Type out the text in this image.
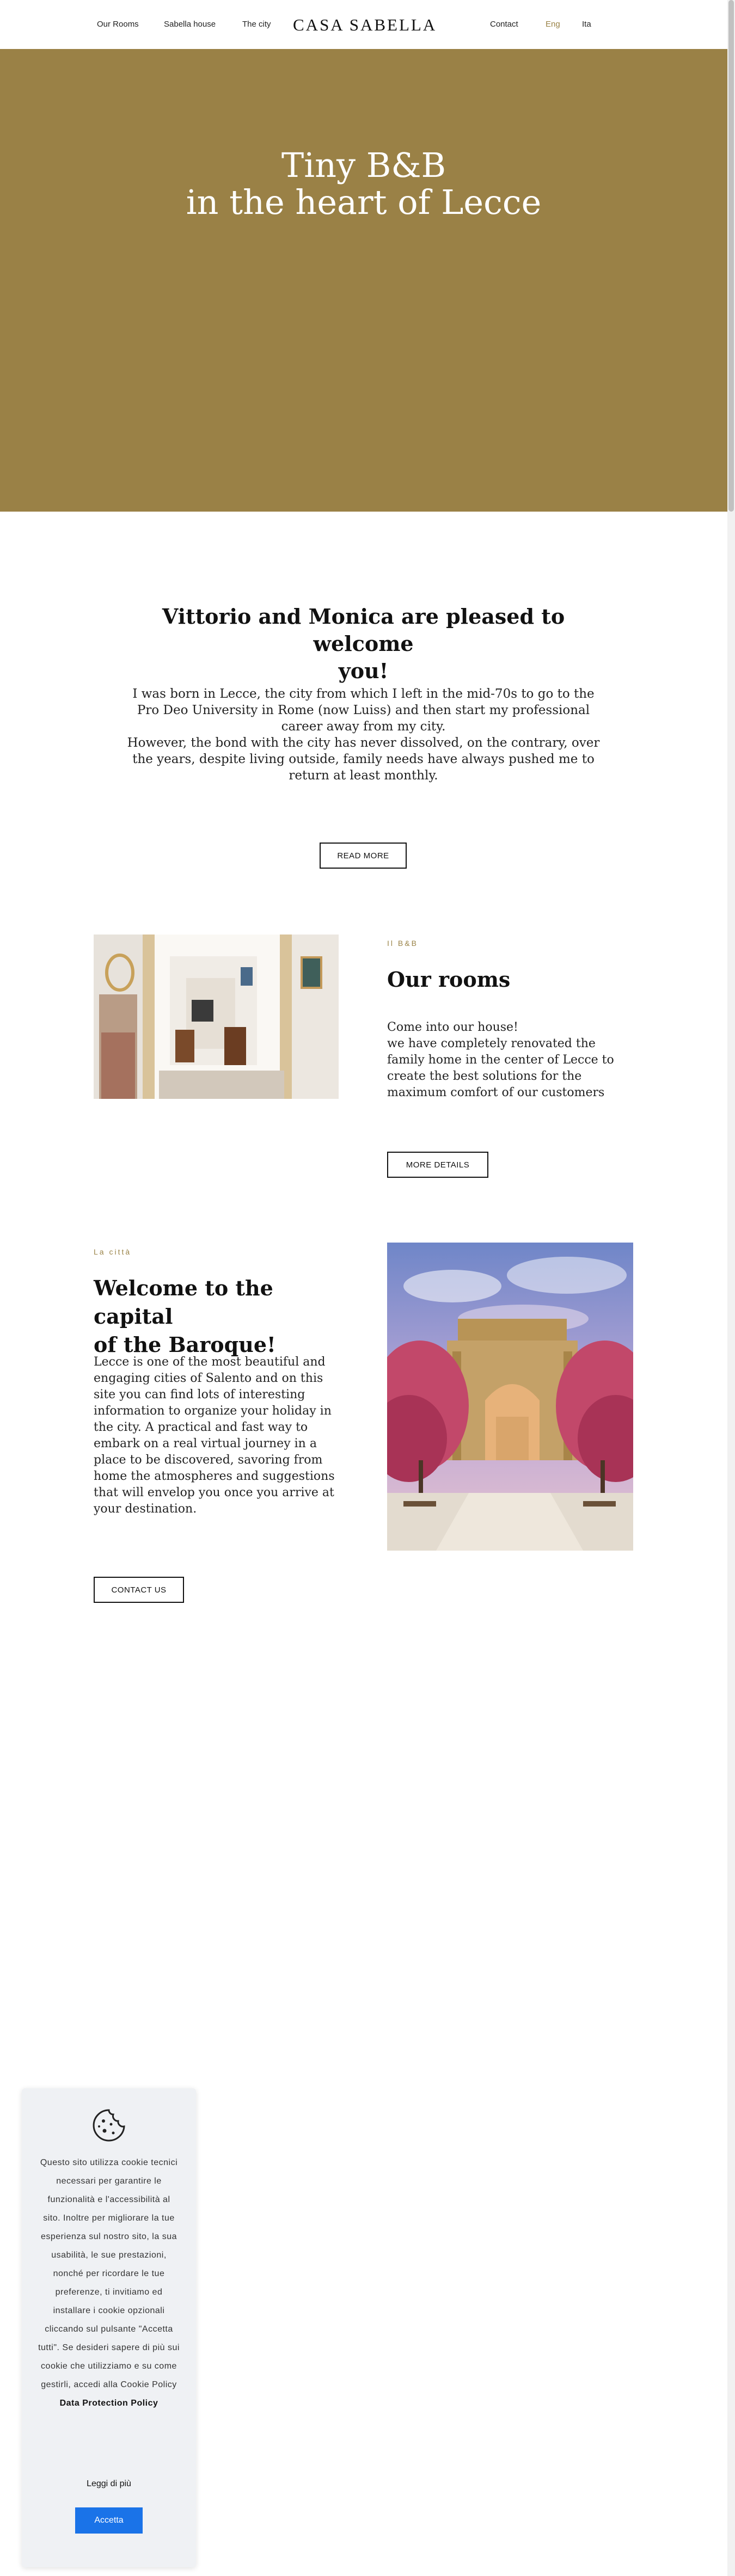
Our Rooms	Sabella house	The city CASA SABELLA	Contact	Eng	Ita
Tiny B&B
in the heart of Lecce
Vittorio and Monica are pleased to welcome
you!

I was born in Lecce, the city from which I left in the mid-70s to go to the Pro Deo University in Rome (now Luiss) and then start my professional career away from my city.

However, the bond with the city has never dissolved, on the contrary, over the years, despite living outside, family needs have always pushed me to return at least monthly.

READ MORE
Il B&B
Our rooms
Come into our house!
we have completely renovated the family home in the center of Lecce to create the best solutions for the maximum comfort of our customers
MORE DETAILS
La città
Welcome to the capital
of the Baroque!
Lecce is one of the most beautiful and engaging cities of Salento and on this site you can find lots of interesting information to organize your holiday in the city. A practical and fast way to embark on a real virtual journey in a place to be discovered, savoring from home the atmospheres and suggestions that will envelop you once you arrive at your destination.
CONTACT US
Questo sito utilizza cookie tecnici necessari per garantire le funzionalità e l'accessibilità al sito. Inoltre per migliorare la tue esperienza sul nostro sito, la sua usabilità, le sue prestazioni, nonché per ricordare le tue preferenze, ti invitiamo ed installare i cookie opzionali cliccando sul pulsante "Accetta tutti". Se desideri sapere di più sui cookie che utilizziamo e su come gestirli, accedi alla Cookie Policy Data Protection Policy
Leggi di più
Accetta
